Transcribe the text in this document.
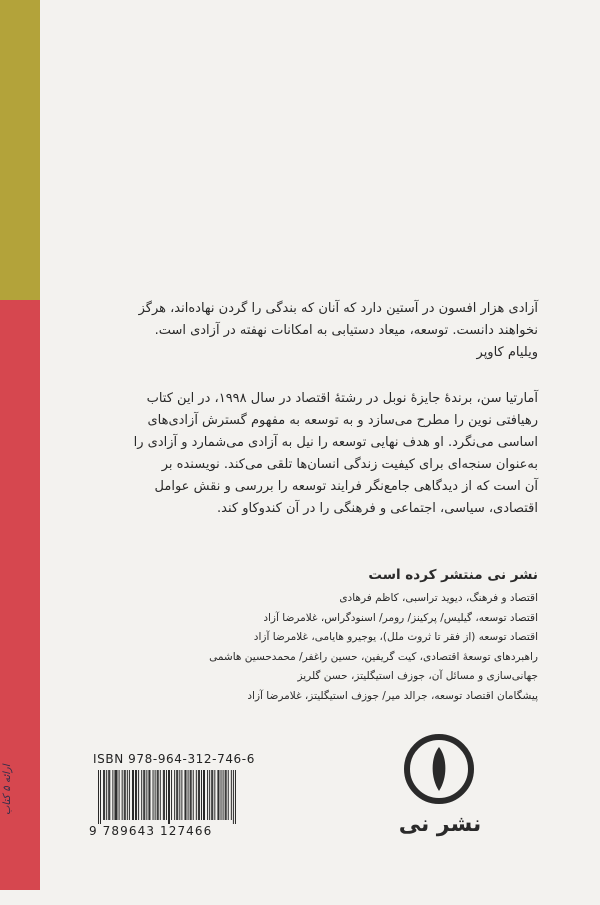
ارائه ۵ کتاب

آزادی هزار افسون در آستین دارد که آنان که بندگی را گردن نهاده‌اند، هرگز

نخواهند دانست. توسعه، میعاد دستیابی به امکانات نهفته در آزادی است.

ویلیام کاوپر

آمارتیا سن، برندهٔ جایزهٔ نوبل در رشتهٔ اقتصاد در سال ۱۹۹۸، در این کتاب

رهیافتی نوین را مطرح می‌سازد و به توسعه به مفهوم گسترش آزادی‌های

اساسی می‌نگرد. او هدف نهایی توسعه را نیل به آزادی می‌شمارد و آزادی را

به‌عنوان سنجه‌ای برای کیفیت زندگی انسان‌ها تلقی می‌کند. نویسنده بر

آن است که از دیدگاهی جامع‌نگر فرایند توسعه را بررسی و نقش عوامل

اقتصادی، سیاسی، اجتماعی و فرهنگی را در آن کندوکاو کند.

نشر نی منتشر کرده است
اقتصاد و فرهنگ، دیوید تراسبی، کاظم فرهادی
اقتصاد توسعه، گیلیس/ پرکینز/ رومر/ اسنودگراس، غلامرضا آزاد
اقتصاد توسعه (از فقر تا ثروت ملل)، یوجیرو هایامی، غلامرضا آزاد
راهبردهای توسعهٔ اقتصادی، کیت گریفین، حسین راغفر/ محمدحسین هاشمی
جهانی‌سازی و مسائل آن، جوزف استیگلیتز، حسن گلریز
پیشگامان اقتصاد توسعه، جرالد میر/ جوزف استیگلیتز، غلامرضا آزاد
ISBN 978-964-312-746-6
9 789643 127466	نشر نی
